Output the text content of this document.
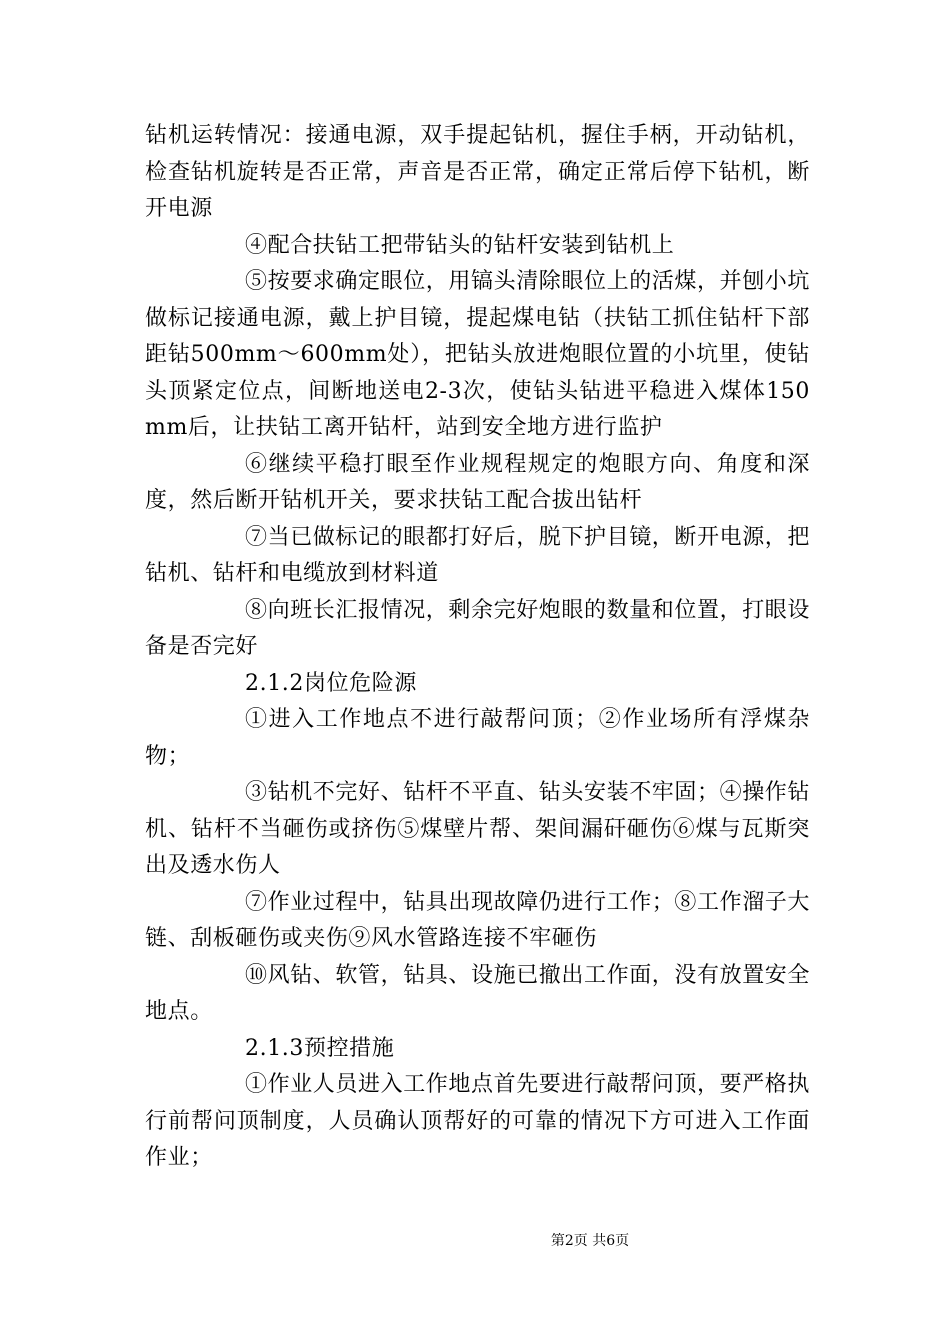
钻机运转情况：接通电源，双手提起钻机，握住手柄，开动钻机，检查钻机旋转是否正常，声音是否正常，确定正常后停下钻机，断开电源

④配合扶钻工把带钻头的钻杆安装到钻机上

⑤按要求确定眼位，用镐头清除眼位上的活煤，并刨小坑做标记接通电源，戴上护目镜，提起煤电钻（扶钻工抓住钻杆下部距钻500mm～600mm处），把钻头放进炮眼位置的小坑里，使钻头顶紧定位点，间断地送电2-3次，使钻头钻进平稳进入煤体150mm后，让扶钻工离开钻杆，站到安全地方进行监护

⑥继续平稳打眼至作业规程规定的炮眼方向、角度和深度，然后断开钻机开关，要求扶钻工配合拔出钻杆

⑦当已做标记的眼都打好后，脱下护目镜，断开电源，把钻机、钻杆和电缆放到材料道

⑧向班长汇报情况，剩余完好炮眼的数量和位置，打眼设备是否完好

2.1.2岗位危险源

①进入工作地点不进行敲帮问顶；②作业场所有浮煤杂物；

③钻机不完好、钻杆不平直、钻头安装不牢固；④操作钻机、钻杆不当砸伤或挤伤⑤煤壁片帮、架间漏矸砸伤⑥煤与瓦斯突出及透水伤人

⑦作业过程中，钻具出现故障仍进行工作；⑧工作溜子大链、刮板砸伤或夹伤⑨风水管路连接不牢砸伤

⑩风钻、软管，钻具、设施已撤出工作面，没有放置安全地点。

2.1.3预控措施

①作业人员进入工作地点首先要进行敲帮问顶，要严格执行前帮问顶制度，人员确认顶帮好的可靠的情况下方可进入工作面作业；

第2页 共6页
